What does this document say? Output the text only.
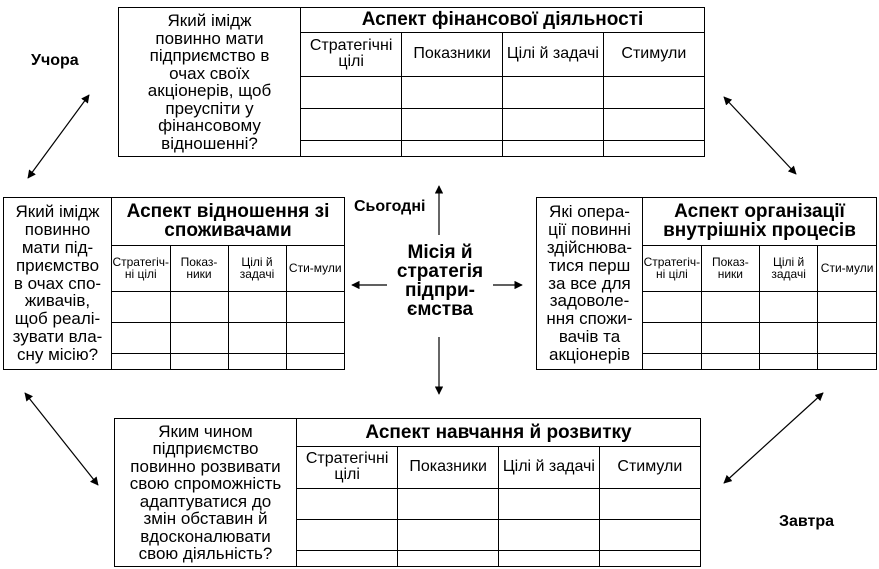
Учора
Сьогодні
Завтра
Місія й
стратегія
підпри-
ємства
Який імідж
повинно мати
підприємство в
очах своїх
акціонерів, щоб
преуспіти у
фінансовому
відношенні?
Аспект фінансової діяльності			
Стратегічні цілі	Показники	Цілі й задачі	Стимули

Який імідж
повинно
мати під-
приємство
в очах спо-
живачів,
щоб реалі-
зувати вла-
сну місію?
Аспект відношення зі споживачами			
Стратегіч-ні цілі	Показ-ники	Цілі й задачі	Сти-мули

Які опера-
ції повинні
здійснюва-
тися перш
за все для
задоволе-
ння спожи-
вачів та
акціонерів
Аспект організації внутрішніх процесів			
Стратегіч-ні цілі	Показ-ники	Цілі й задачі	Сти-мули

Яким чином
підприємство
повинно розвивати
свою спроможність
адаптуватися до
змін обставин й
вдосконалювати
свою діяльність?
Аспект навчання й розвитку			
Стратегічні цілі	Показники	Цілі й задачі	Стимули
